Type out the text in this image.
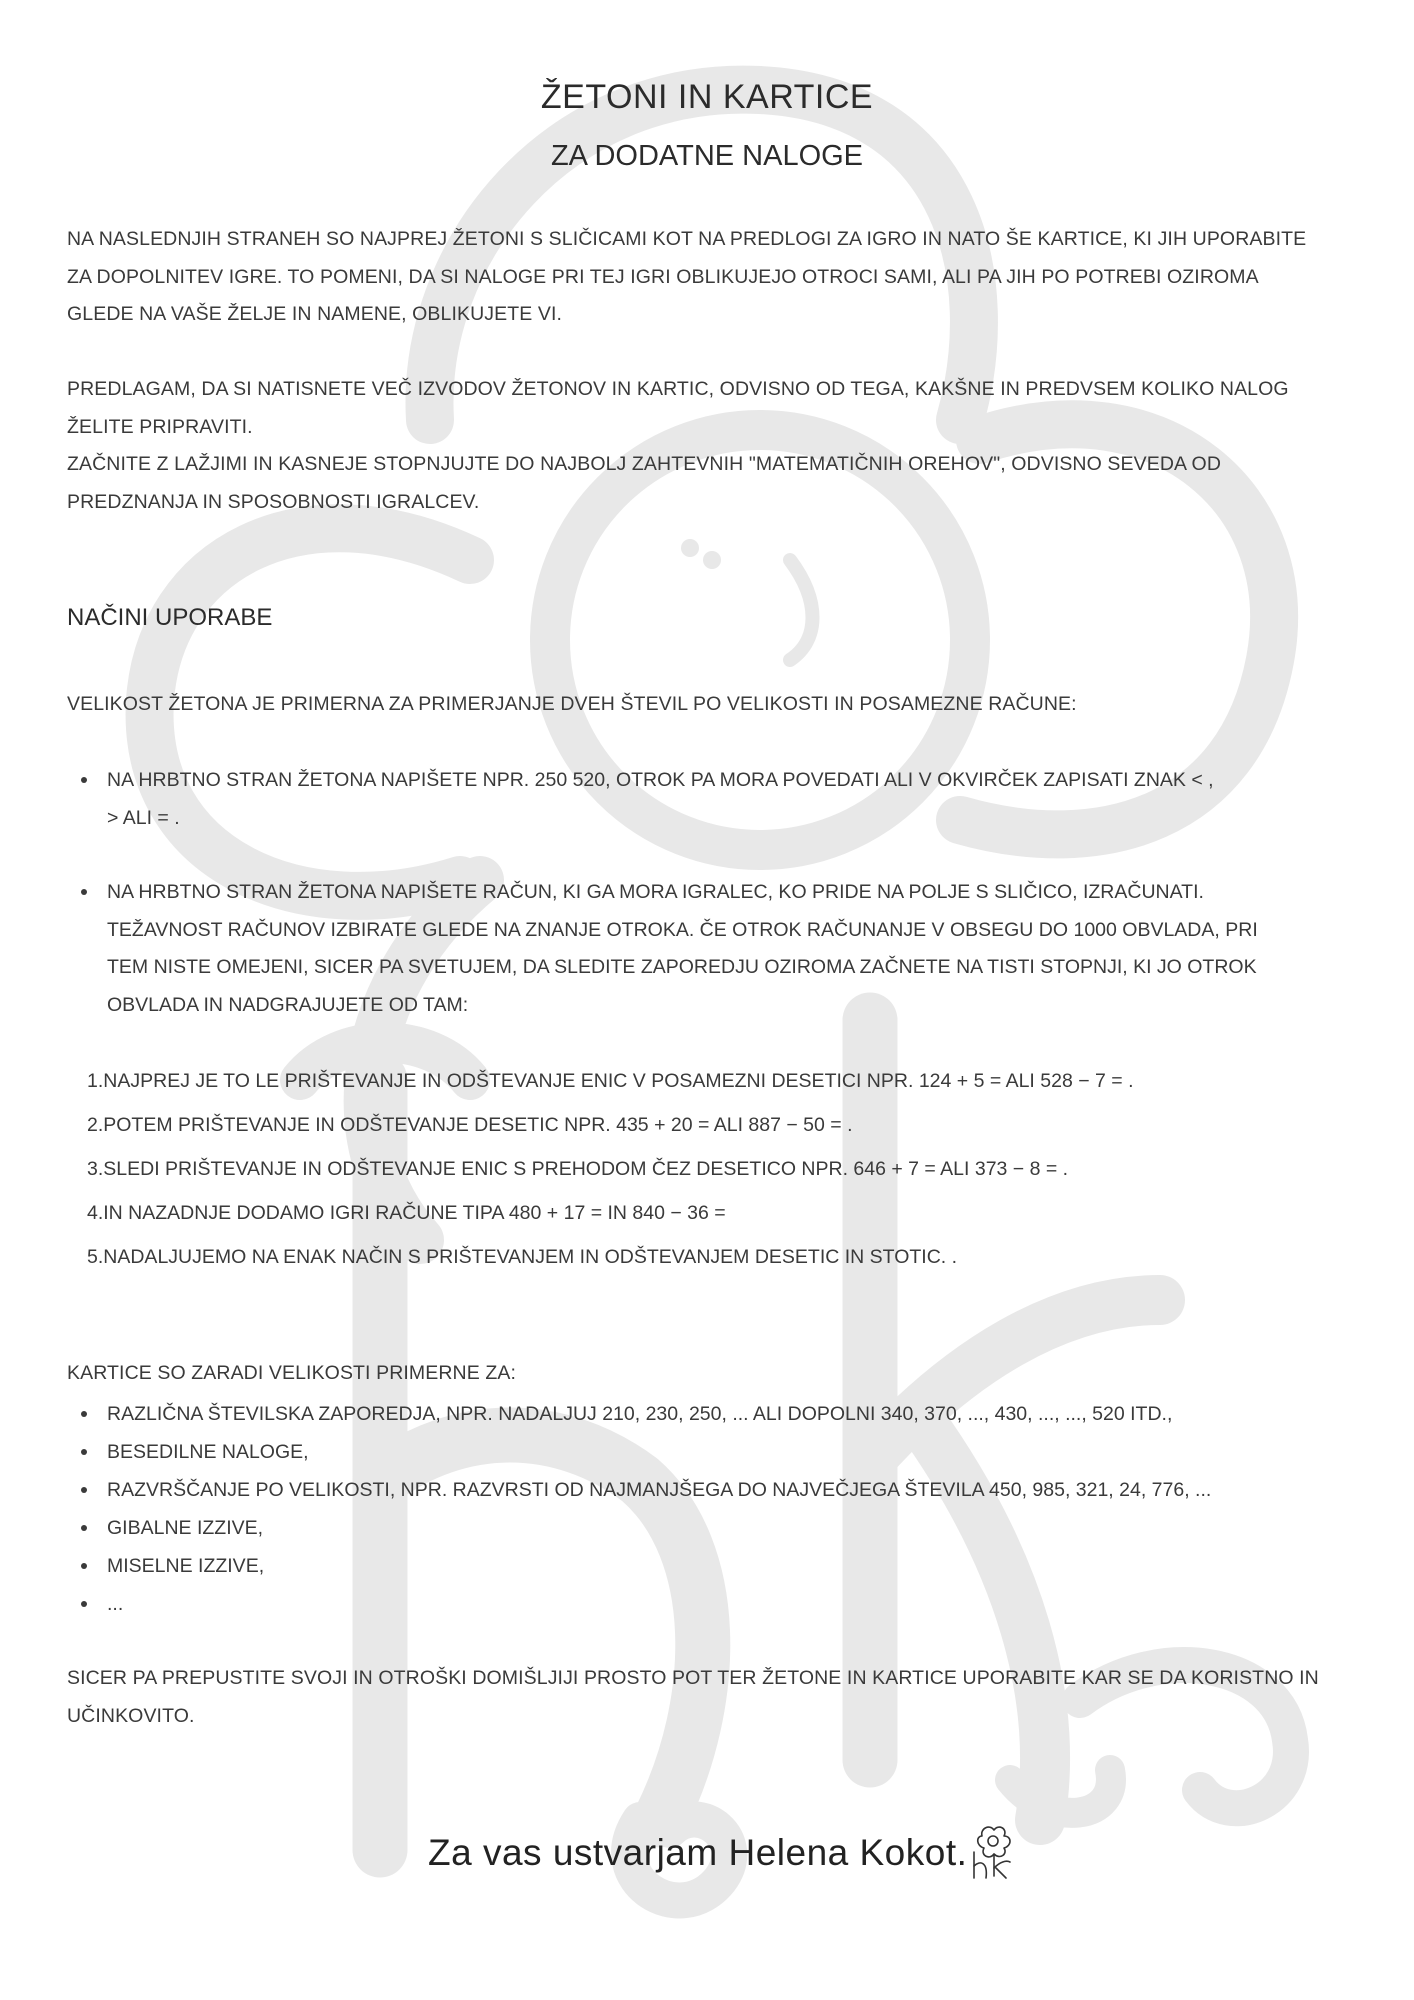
ŽETONI IN KARTICE
ZA DODATNE NALOGE

NA NASLEDNJIH STRANEH SO NAJPREJ ŽETONI S SLIČICAMI KOT NA PREDLOGI ZA IGRO IN NATO ŠE KARTICE, KI JIH UPORABITE
ZA DOPOLNITEV IGRE. TO POMENI, DA SI NALOGE PRI TEJ IGRI OBLIKUJEJO OTROCI SAMI, ALI PA JIH PO POTREBI OZIROMA
GLEDE NA VAŠE ŽELJE IN NAMENE, OBLIKUJETE VI.

PREDLAGAM, DA SI NATISNETE VEČ IZVODOV ŽETONOV IN KARTIC, ODVISNO OD TEGA, KAKŠNE IN PREDVSEM KOLIKO NALOG
ŽELITE PRIPRAVITI.
ZAČNITE Z LAŽJIMI IN KASNEJE STOPNJUJTE DO NAJBOLJ ZAHTEVNIH "MATEMATIČNIH OREHOV", ODVISNO SEVEDA OD
PREDZNANJA IN SPOSOBNOSTI IGRALCEV.

NAČINI UPORABE

VELIKOST ŽETONA JE PRIMERNA ZA PRIMERJANJE DVEH ŠTEVIL PO VELIKOSTI IN POSAMEZNE RAČUNE:

NA HRBTNO STRAN ŽETONA NAPIŠETE NPR. 250 520, OTROK PA MORA POVEDATI ALI V OKVIRČEK ZAPISATI ZNAK < ,
> ALI = .
NA HRBTNO STRAN ŽETONA NAPIŠETE RAČUN, KI GA MORA IGRALEC, KO PRIDE NA POLJE S SLIČICO, IZRAČUNATI.
TEŽAVNOST RAČUNOV IZBIRATE GLEDE NA ZNANJE OTROKA. ČE OTROK RAČUNANJE V OBSEGU DO 1000 OBVLADA, PRI
TEM NISTE OMEJENI, SICER PA SVETUJEM, DA SLEDITE ZAPOREDJU OZIROMA ZAČNETE NA TISTI STOPNJI, KI JO OTROK
OBVLADA IN NADGRAJUJETE OD TAM:
1.NAJPREJ JE TO LE PRIŠTEVANJE IN ODŠTEVANJE ENIC V POSAMEZNI DESETICI NPR. 124 + 5 = ALI 528 − 7 = .
2.POTEM PRIŠTEVANJE IN ODŠTEVANJE DESETIC NPR. 435 + 20 = ALI 887 − 50 = .
3.SLEDI PRIŠTEVANJE IN ODŠTEVANJE ENIC S PREHODOM ČEZ DESETICO NPR. 646 + 7 = ALI 373 − 8 = .
4.IN NAZADNJE DODAMO IGRI RAČUNE TIPA 480 + 17 = IN 840 − 36 =
5.NADALJUJEMO NA ENAK NAČIN S PRIŠTEVANJEM IN ODŠTEVANJEM DESETIC IN STOTIC. .

KARTICE SO ZARADI VELIKOSTI PRIMERNE ZA:

RAZLIČNA ŠTEVILSKA ZAPOREDJA, NPR. NADALJUJ 210, 230, 250, ... ALI DOPOLNI 340, 370, ..., 430, ..., ..., 520 ITD.,
BESEDILNE NALOGE,
RAZVRŠČANJE PO VELIKOSTI, NPR. RAZVRSTI OD NAJMANJŠEGA DO NAJVEČJEGA ŠTEVILA 450, 985, 321, 24, 776, ...
GIBALNE IZZIVE,
MISELNE IZZIVE,
...

SICER PA PREPUSTITE SVOJI IN OTROŠKI DOMIŠLJIJI PROSTO POT TER ŽETONE IN KARTICE UPORABITE KAR SE DA KORISTNO IN
UČINKOVITO.

Za vas ustvarjam Helena Kokot.
